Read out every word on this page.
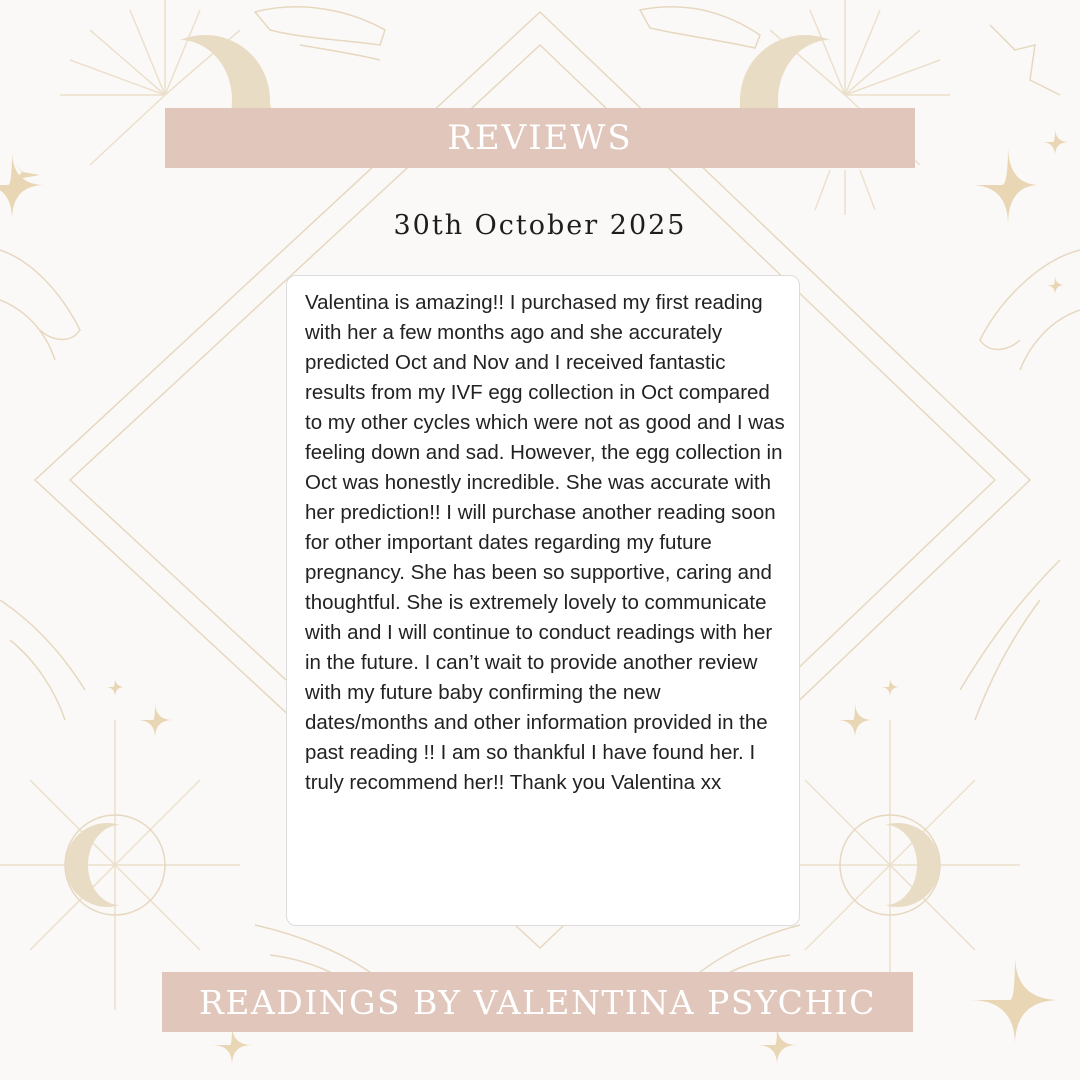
REVIEWS
30th October 2025

Valentina is amazing!! I purchased my first reading with her a few months ago and she accurately predicted Oct and Nov and I received fantastic results from my IVF egg collection in Oct compared to my other cycles which were not as good and I was feeling down and sad. However, the egg collection in Oct was honestly incredible. She was accurate with her prediction!! I will purchase another reading soon for other important dates regarding my future pregnancy. She has been so supportive, caring and thoughtful. She is extremely lovely to communicate with and I will continue to conduct readings with her in the future. I can’t wait to provide another review with my future baby confirming the new dates/months and other information provided in the past reading !! I am so thankful I have found her. I truly recommend her!! Thank you Valentina xx

READINGS BY VALENTINA PSYCHIC
